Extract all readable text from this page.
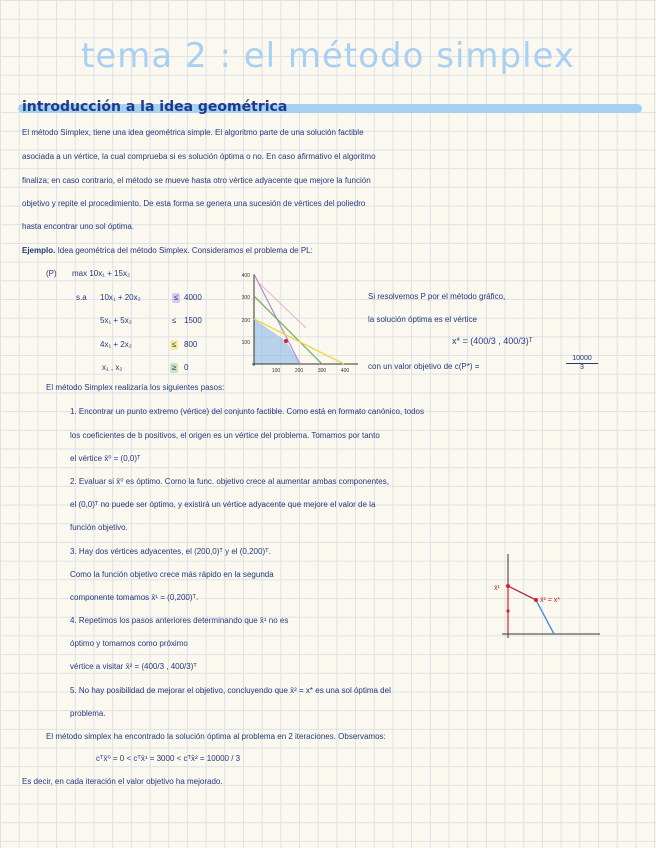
tema 2 : el método simplex
introducción a la idea geométrica
El método Simplex, tiene una idea geométrica simple. El algoritmo parte de una solución factible
asociada a un vértice, la cual comprueba si es solución óptima o no. En caso afirmativo el algoritmo
finaliza; en caso contrario, el método se mueve hasta otro vértice adyacente que mejore la función
objetivo y repite el procedimiento. De esta forma se genera una sucesión de vértices del poliedro
hasta encontrar uno sol óptima.
Ejemplo. Idea geométrica del método Simplex. Consideramos el problema de PL:
(P) max 10x₁ + 15x₂
s.a 10x₁ + 20x₂	≤ 4000
5x₁ + 5x₂	≤ 1500
4x₁ + 2x₂	≤ 800
x₁ , x₂	≥ 0
400
300
200
100
100	200	300	400
Si resolvemos P por el método gráfico,
la solución óptima es el vértice
x* = (400/3 , 400/3)ᵀ
con un valor objetivo de c(P*) =	$\frac{10000}{3}$
El método Simplex realizaría los siguientes pasos:
1. Encontrar un punto extremo (vértice) del conjunto factible. Como está en formato canónico, todos
los coeficientes de b positivos, el origen es un vértice del problema. Tomamos por tanto
el vértice x̄⁰ = (0,0)ᵀ
2. Evaluar si x̄⁰ es óptimo. Como la func. objetivo crece al aumentar ambas componentes,
el (0,0)ᵀ no puede ser óptimo, y existirá un vértice adyacente que mejore el valor de la
función objetivo.
3. Hay dos vértices adyacentes, el (200,0)ᵀ y el (0,200)ᵀ.
Como la función objetivo crece más rápido en la segunda
componente tomamos x̄¹ = (0,200)ᵀ.
4. Repetimos los pasos anteriores determinando que x̄¹ no es
óptimo y tomamos como próximo
vértice a visitar x̄² = (400/3 , 400/3)ᵀ
5. No hay posibilidad de mejorar el objetivo, concluyendo que x̄² = x* es una sol óptima del
problema.
x̄¹
x̄² = x*
El método simplex ha encontrado la solución óptima al problema en 2 iteraciones. Observamos:
cᵀx̄⁰ = 0 < cᵀx̄¹ = 3000 < cᵀx̄² = 10000 / 3
Es decir, en cada iteración el valor objetivo ha mejorado.
